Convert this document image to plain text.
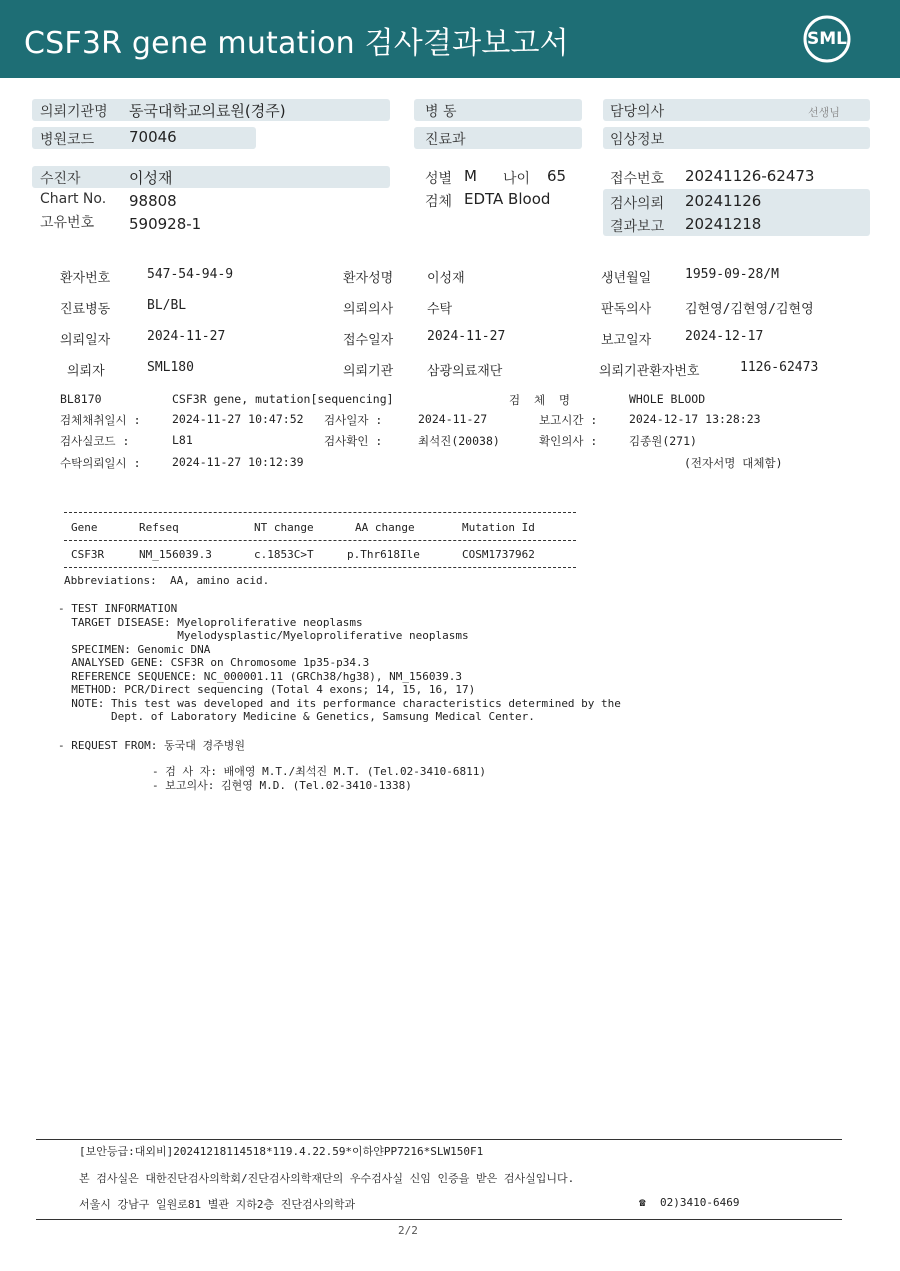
CSF3R gene mutation 검사결과보고서	SML
의뢰기관명 동국대학교의료원(경주)
병원코드 70046
병 동
진료과
담당의사	선생님
임상정보
수진자	이성재
Chart No. 98808
고유번호 590928-1
성별 M 나이 65
검체 EDTA Blood
접수번호 20241126-62473
검사의뢰 20241126
결과보고 20241218
환자번호	547-54-94-9	환자성명	이성재	생년월일	1959-09-28/M
진료병동	BL/BL	의뢰의사	수탁	판독의사	김현영/김현영/김현영
의뢰일자	2024-11-27	접수일자	2024-11-27	보고일자	2024-12-17
의뢰자	SML180	의뢰기관	삼광의료재단	의뢰기관환자번호	1126-62473
BL8170	CSF3R gene, mutation[sequencing]	검  체  명	WHOLE BLOOD
검체채취일시 :	2024-11-27 10:47:52 검사일자 :	2024-11-27	보고시간 :	2024-12-17 13:28:23
검사실코드 :	L81	검사확인 :	최석진(20038)	확인의사 :	김종원(271)
수탁의뢰일시 :	2024-11-27 10:12:39	(전자서명 대체함)
Gene	Refseq	NT change	AA change	Mutation Id
CSF3R	NM_156039.3	c.1853C>T	p.Thr618Ile	COSM1737962
Abbreviations:  AA, amino acid.
- TEST INFORMATION
TARGET DISEASE: Myeloproliferative neoplasms
Myelodysplastic/Myeloproliferative neoplasms
SPECIMEN: Genomic DNA
ANALYSED GENE: CSF3R on Chromosome 1p35-p34.3
REFERENCE SEQUENCE: NC_000001.11 (GRCh38/hg38), NM_156039.3
METHOD: PCR/Direct sequencing (Total 4 exons; 14, 15, 16, 17)
NOTE: This test was developed and its performance characteristics determined by the
Dept. of Laboratory Medicine & Genetics, Samsung Medical Center.
- REQUEST FROM: 동국대 경주병원
- 검 사 자: 배애영 M.T./최석진 M.T. (Tel.02-3410-6811)
- 보고의사: 김현영 M.D. (Tel.02-3410-1338)
[보안등급:대외비]20241218114518*119.4.22.59*이하얀PP7216*SLW150F1
본 검사실은 대한진단검사의학회/진단검사의학재단의 우수검사실 신임 인증을 받은 검사실입니다.
서울시 강남구 일원로81 별관 지하2층 진단검사의학과	☎ 02)3410-6469
2/2
